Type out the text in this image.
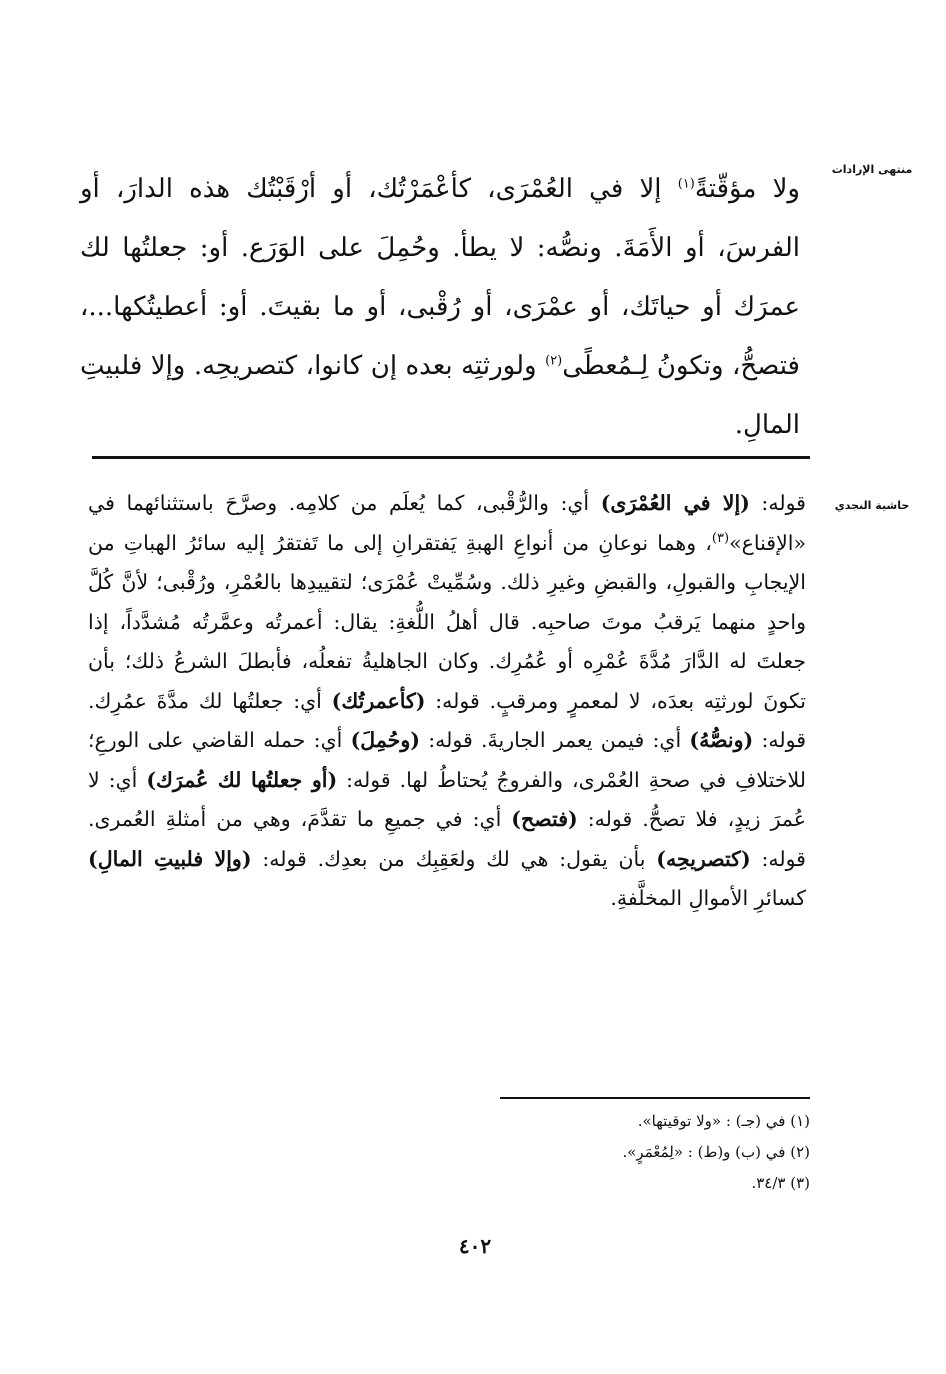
منتهى الإرادات
ولا مؤقّتةً$^{(١)}$ إلا في العُمْرَى، كأعْمَرْتُك، أو أرْقَبْتُك هذه الدارَ، أو الفرسَ، أو الأَمَةَ. ونصُّه: لا يطأ. وحُمِلَ على الوَرَع. أو: جعلتُها لك عمرَك أو حياتَك، أو عمْرَى، أو رُقْبى، أو ما بقيتَ. أو: أعطيتُكها...، فتصحُّ، وتكونُ لِـمُعطًى$^{(٢)}$ ولورثتِه بعده إن كانوا، كتصريحِه. وإلا فلبيتِ المالِ.
حاشية النجدي

قوله: (إلا في العُمْرَى) أي: والرُّقْبى، كما يُعلَم من كلامِه. وصرَّحَ باستثنائهما في «الإقناع»$^{(٣)}$، وهما نوعانِ من أنواعِ الهبةِ يَفتقرانِ إلى ما تَفتقرُ إليه سائرُ الهباتِ من الإيجابِ والقبولِ، والقبضِ وغيرِ ذلك. وسُمِّيتْ عُمْرَى؛ لتقييدِها بالعُمْرِ، ورُقْبى؛ لأنَّ كُلَّ واحدٍ منهما يَرقبُ موتَ صاحبِه. قال أهلُ اللُّغةِ: يقال: أعمرتُه وعمَّرتُه مُشدَّداً، إذا جعلتَ له الدَّارَ مُدَّةَ عُمْرِه أو عُمُرِك. وكان الجاهليةُ تفعلُه، فأبطلَ الشرعُ ذلك؛ بأن تكونَ لورثتِه بعدَه، لا لمعمرٍ ومرقبٍ. قوله: (كأعمرتُك) أي: جعلتُها لك مدَّةَ عمُرِك. قوله: (ونصُّهُ) أي: فيمن يعمر الجاريةَ. قوله: (وحُمِلَ) أي: حمله القاضي على الورعِ؛ للاختلافِ في صحةِ العُمْرى، والفروجُ يُحتاطُ لها. قوله: (أو جعلتُها لك عُمرَك) أي: لا عُمرَ زيدٍ، فلا تصحُّ. قوله: (فتصح) أي: في جميعِ ما تقدَّمَ، وهي من أمثلةِ العُمرى. قوله: (كتصريحِه) بأن يقول: هي لك ولعَقِبِك من بعدِك. قوله: (وإلا فلبيتِ المالِ) كسائرِ الأموالِ المخلَّفةِ.

(١) في (جـ) : «ولا توقيتها».
(٢) في (ب) و(ط) : «لِمُعْمَرٍ».
(٣) ٣٤/٣.
٤٠٢
